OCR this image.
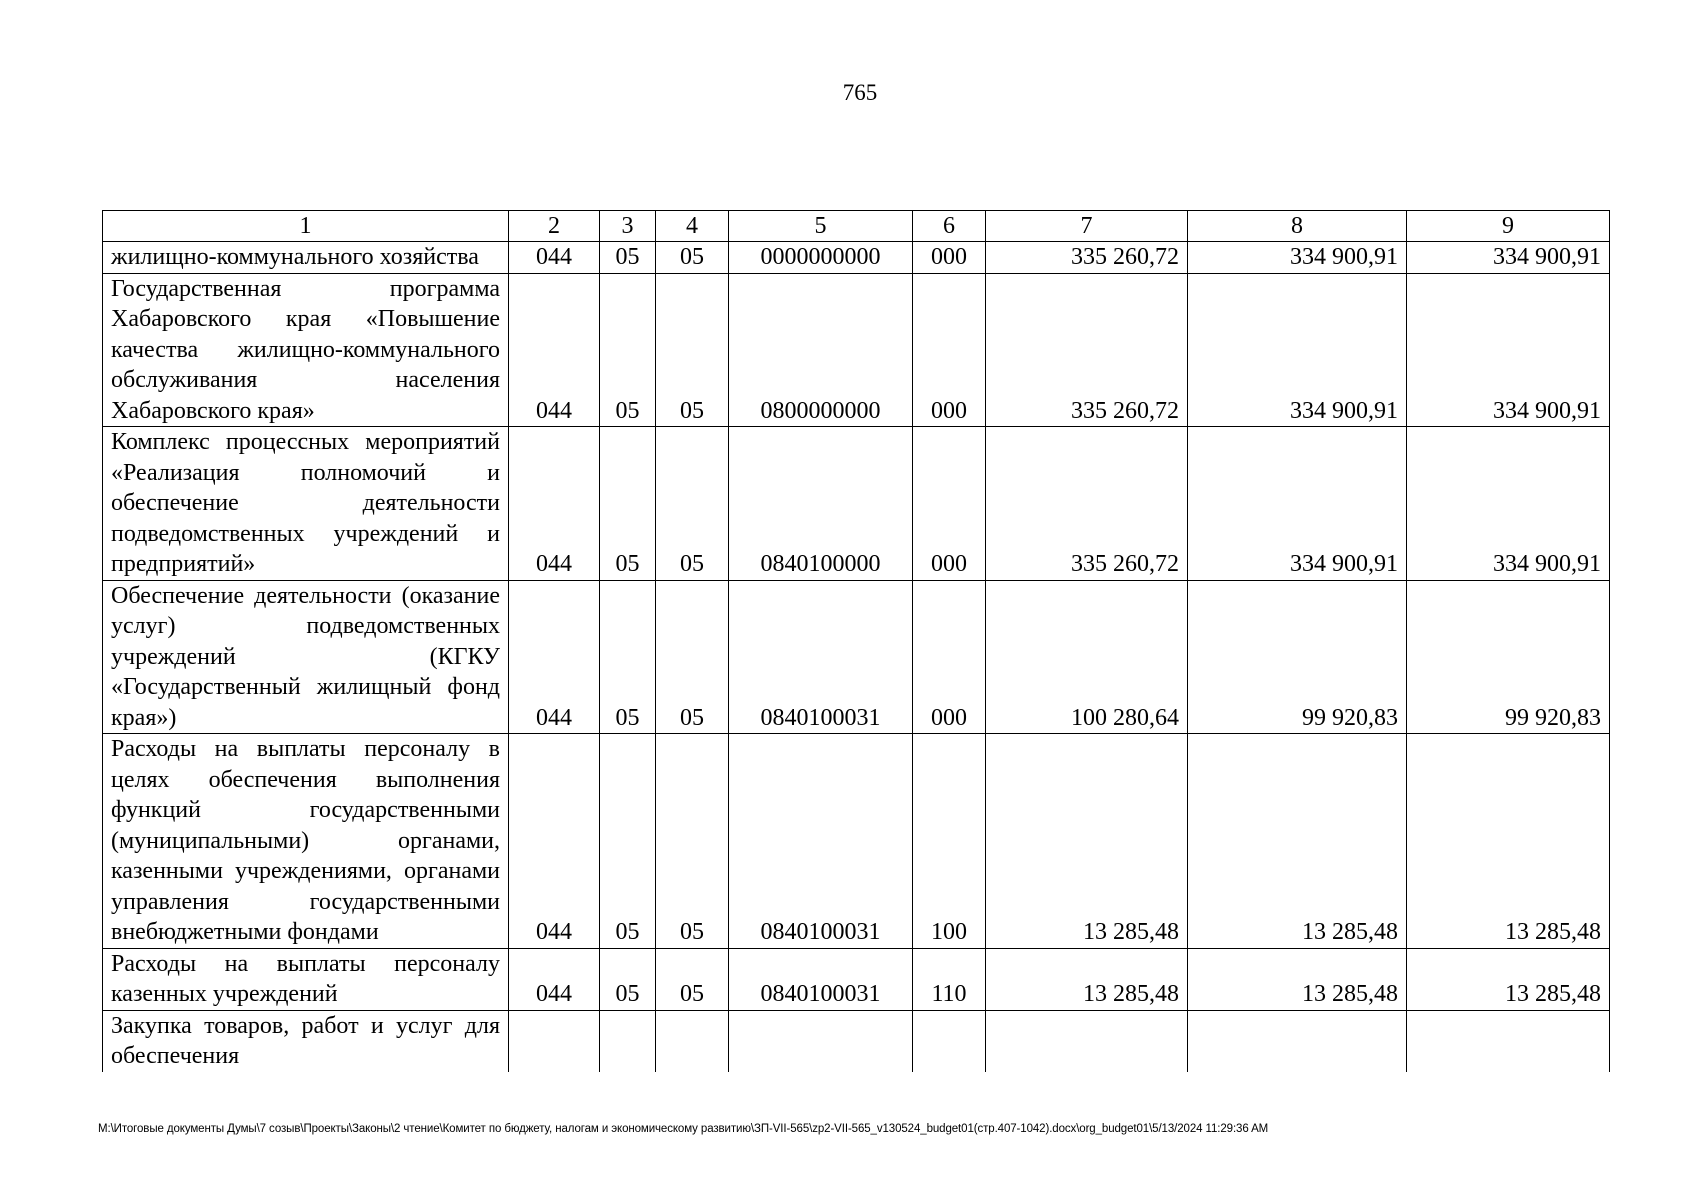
765
1	2	3	4	5	6	7	8	9
жилищно-коммунального хозяйства	044	05	05	0000000000	000	335 260,72	334 900,91	334 900,91
Государственная программа Хабаровского края «Повышение качества жилищно-коммунального обслуживания населения Хабаровского края»	044	05	05	0800000000	000	335 260,72	334 900,91	334 900,91
Комплекс процессных мероприятий «Реализация полномочий и обеспечение деятельности подведомственных учреждений и предприятий»	044	05	05	0840100000	000	335 260,72	334 900,91	334 900,91
Обеспечение деятельности (оказание услуг) подведомственных учреждений (КГКУ «Государственный жилищный фонд края»)	044	05	05	0840100031	000	100 280,64	99 920,83	99 920,83
Расходы на выплаты персоналу в целях обеспечения выполнения функций государственными (муниципальными) органами, казенными учреждениями, органами управления государственными внебюджетными фондами	044	05	05	0840100031	100	13 285,48	13 285,48	13 285,48
Расходы на выплаты персоналу казенных учреждений	044	05	05	0840100031	110	13 285,48	13 285,48	13 285,48
Закупка товаров, работ и услуг для обеспечения								
M:\Итоговые документы Думы\7 созыв\Проекты\Законы\2 чтение\Комитет по бюджету, налогам и экономическому развитию\ЗП-VII-565\zp2-VII-565_v130524_budget01(стр.407-1042).docx\org_budget01\5/13/2024 11:29:36 AM
